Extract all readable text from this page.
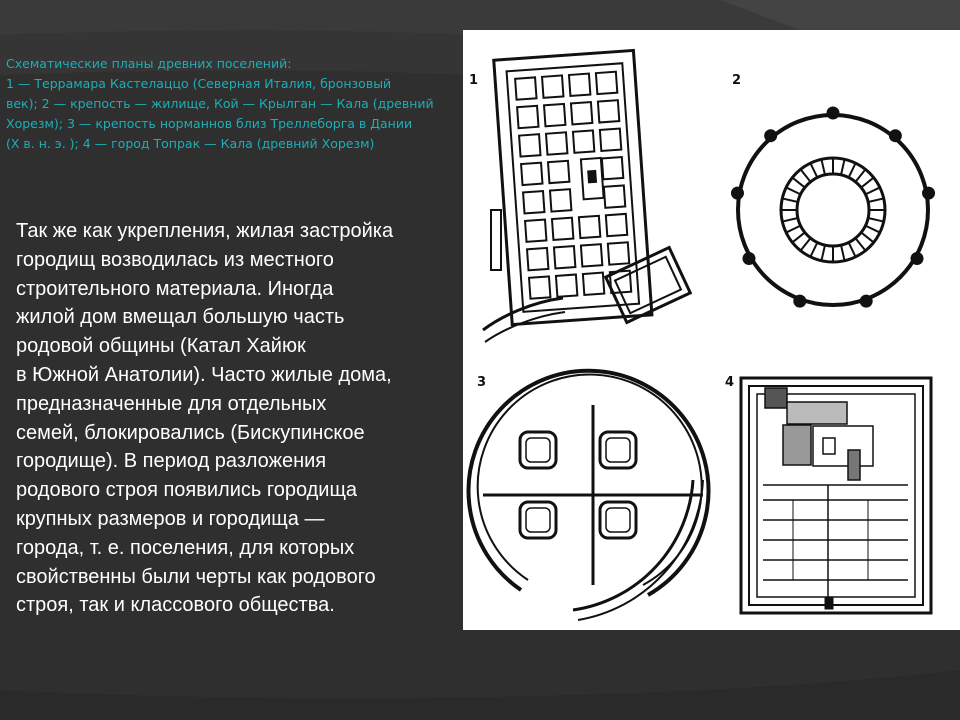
Схематические планы древних поселений:
1 — Террамара Кастелаццо (Северная Италия, бронзовый
век); 2 — крепость — жилище, Кой — Крылган — Кала (древний
Хорезм); 3 — крепость норманнов близ Треллеборга в Дании
(X в. н. э. ); 4 — город Топрак — Кала (древний Хорезм)
Так же как укрепления, жилая застройка
городищ возводилась из местного
строительного материала. Иногда
жилой дом вмещал большую часть
родовой общины (Катал Хайюк
в Южной Анатолии). Часто жилые дома,
предназначенные для отдельных
семей, блокировались (Бискупинское
городище). В период разложения
родового строя появились городища
крупных размеров и городища —
города, т. е. поселения, для которых
свойственны были черты как родового
строя, так и классового общества.
1	2
3	4
